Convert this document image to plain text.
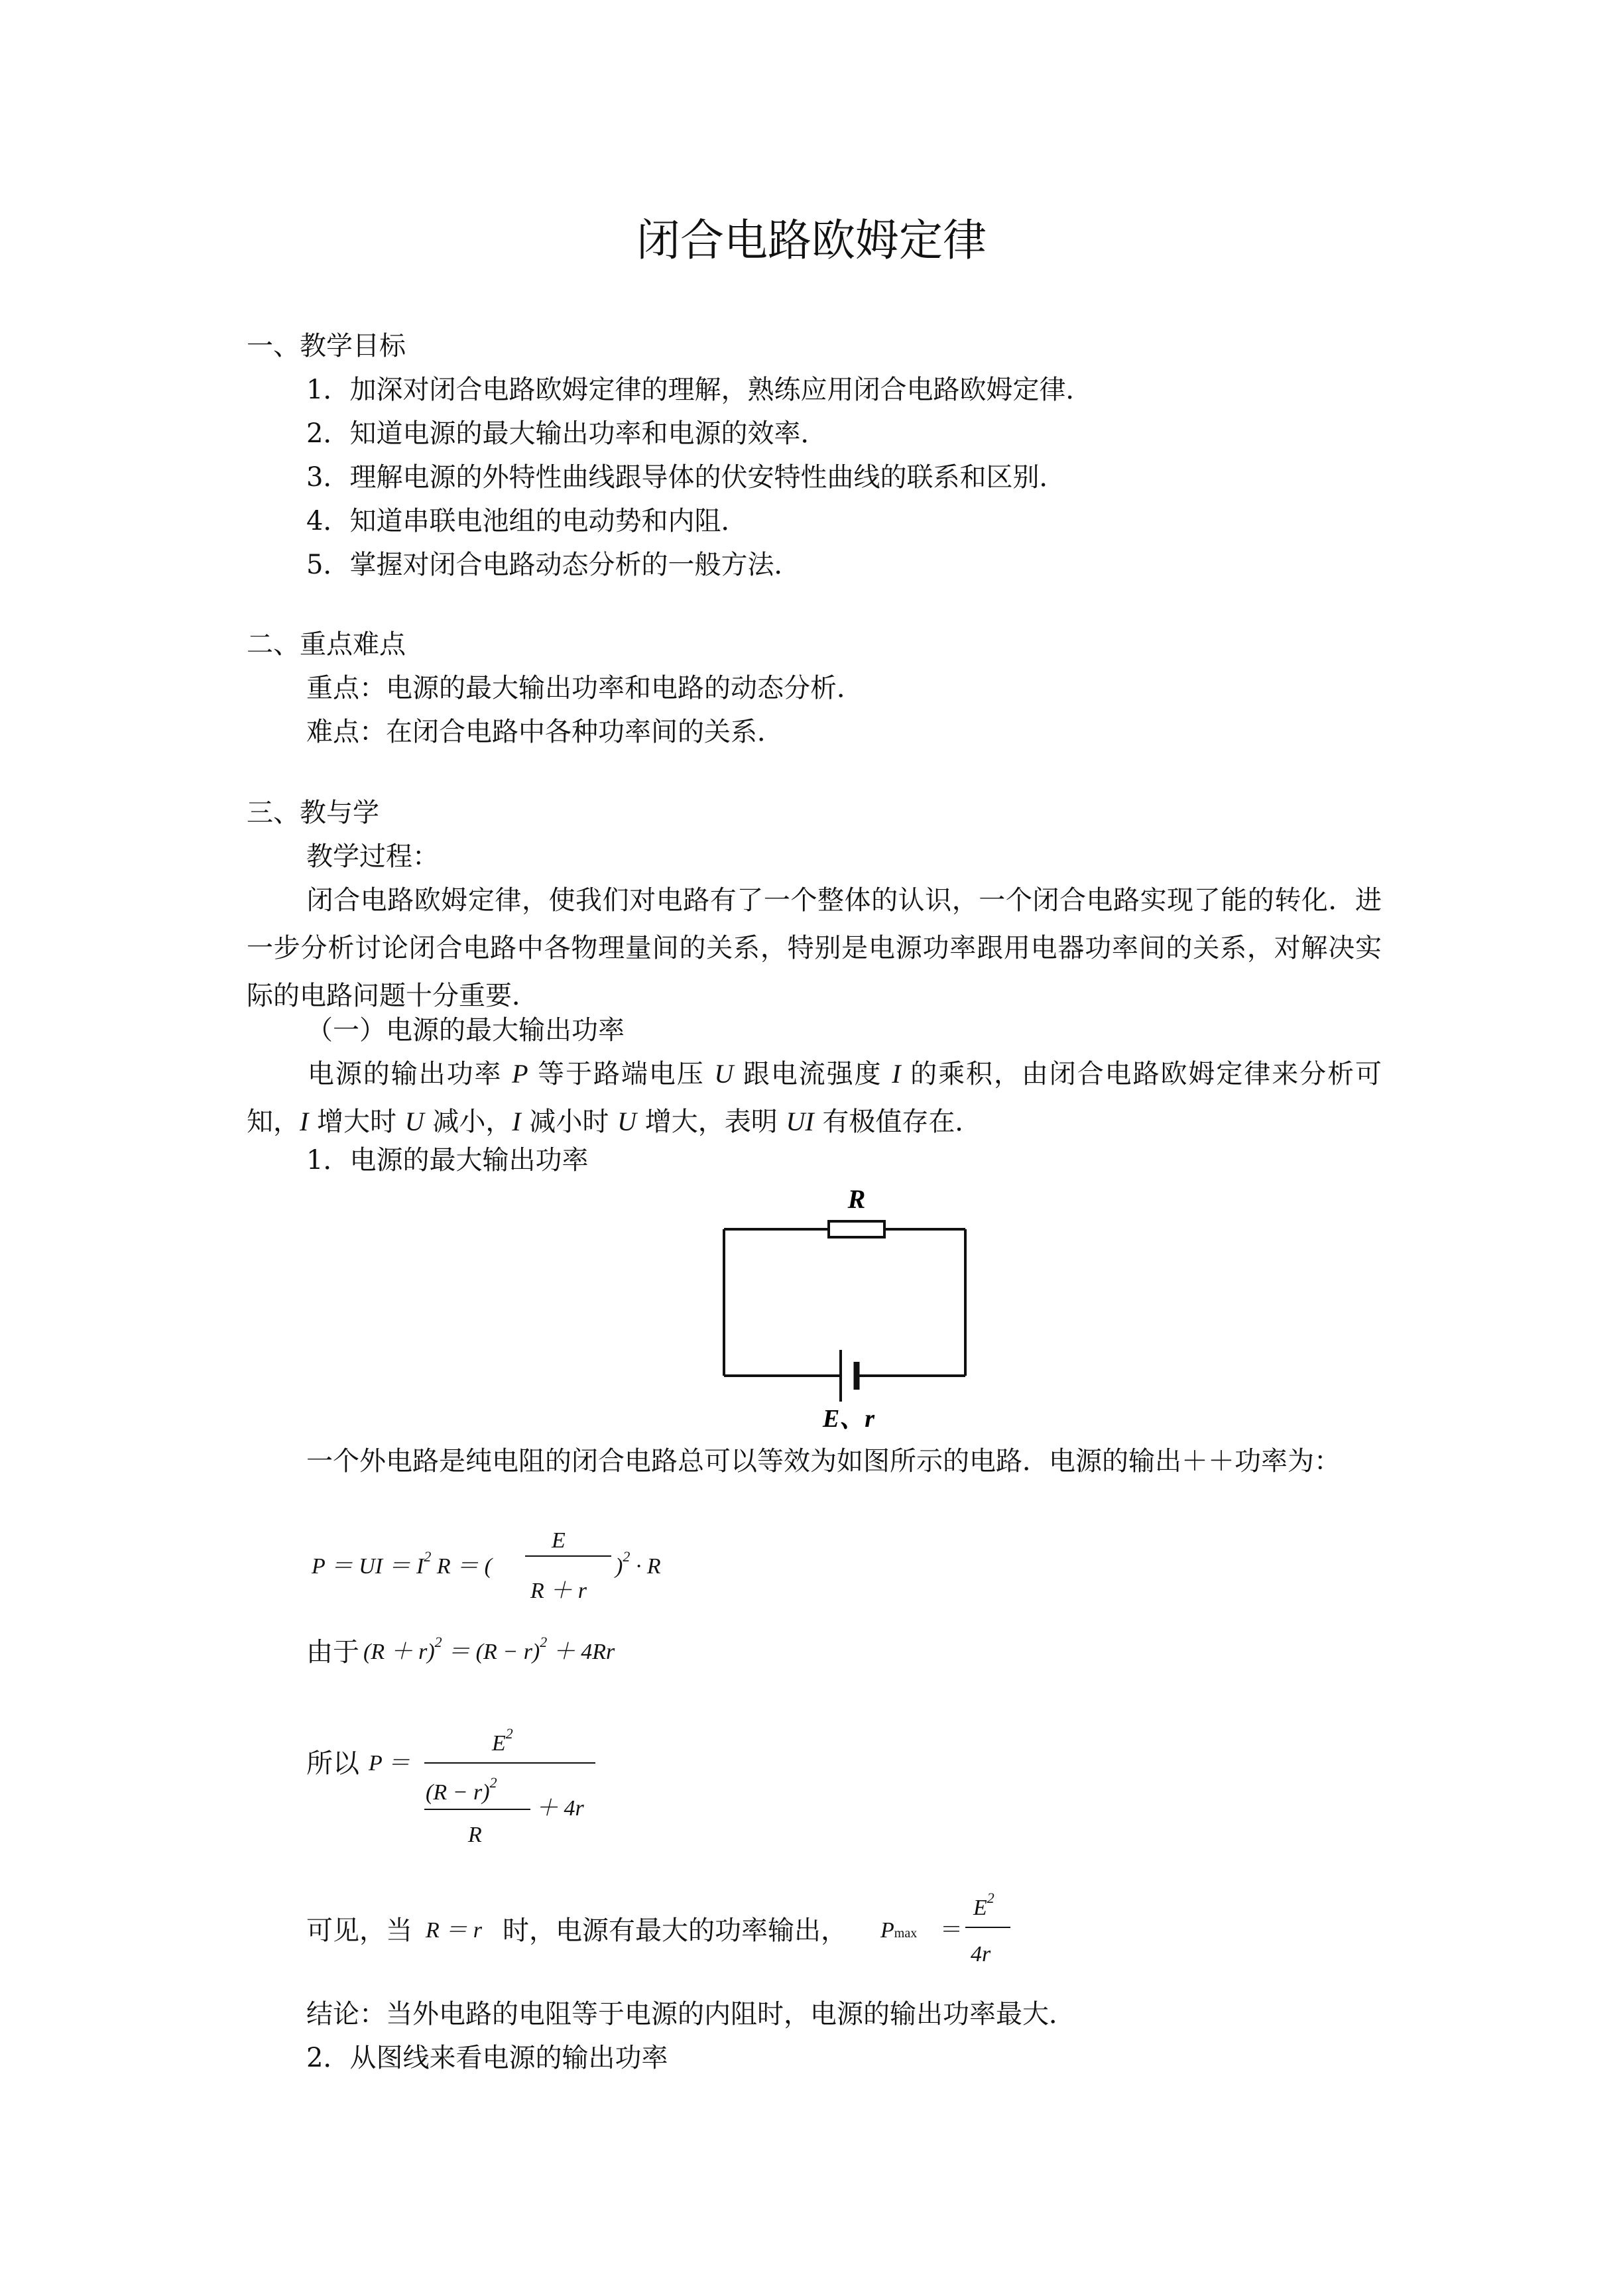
闭合电路欧姆定律
一、教学目标
1．加深对闭合电路欧姆定律的理解，熟练应用闭合电路欧姆定律．
2．知道电源的最大输出功率和电源的效率．
3．理解电源的外特性曲线跟导体的伏安特性曲线的联系和区别．
4．知道串联电池组的电动势和内阻．
5．掌握对闭合电路动态分析的一般方法．
二、重点难点
重点：电源的最大输出功率和电路的动态分析．
难点：在闭合电路中各种功率间的关系．
三、教与学
教学过程：
闭合电路欧姆定律，使我们对电路有了一个整体的认识，一个闭合电路实现了能的转化．进一步分析讨论闭合电路中各物理量间的关系，特别是电源功率跟用电器功率间的关系，对解决实际的电路问题十分重要．
（一）电源的最大输出功率
电源的输出功率 P 等于路端电压 U 跟电流强度 I 的乘积，由闭合电路欧姆定律来分析可知，I 增大时 U 减小，I 减小时 U 增大，表明 UI 有极值存在．
1．电源的最大输出功率
R
E、r
一个外电路是纯电阻的闭合电路总可以等效为如图所示的电路．电源的输出＋＋功率为：
P ＝ UI ＝ $I^2$ R ＝ (
E
R ＋ r
)$^2$ · R
由于 $(R + r)^2 = (R - r)^2 + 4Rr$
所以 P ＝
$E^2$
$(R - r)^2$
R
＋ 4r
可见，当 R ＝ r 时，电源有最大的功率输出， Pmax ＝
$E^2$
4r
结论：当外电路的电阻等于电源的内阻时，电源的输出功率最大．
2．从图线来看电源的输出功率
